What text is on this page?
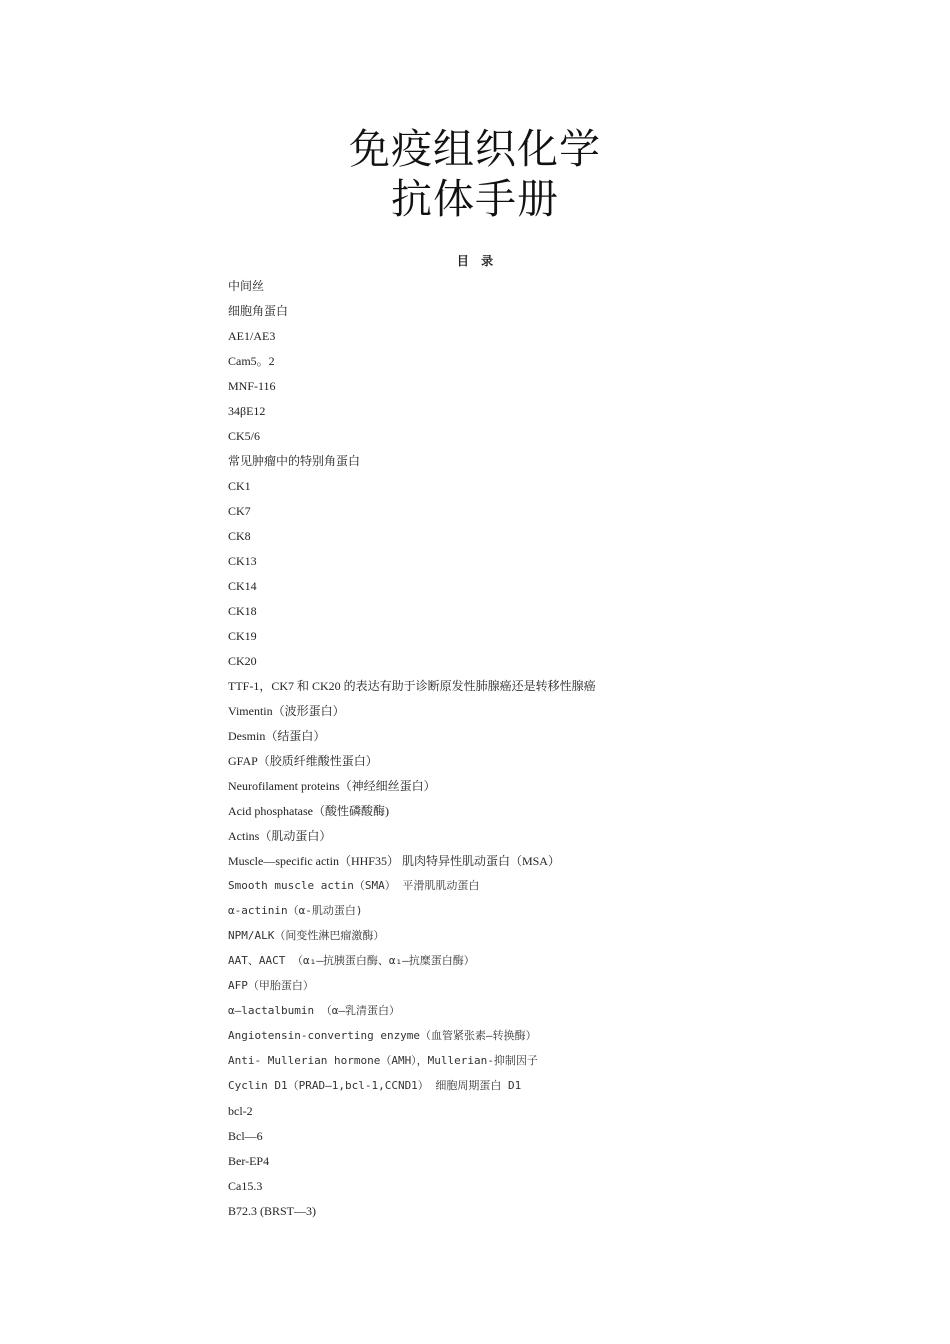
免疫组织化学
抗体手册
目 录
中间丝
细胞角蛋白
AE1/AE3
Cam5。2
MNF-116
34βE12
CK5/6
常见肿瘤中的特别角蛋白
CK1
CK7
CK8
CK13
CK14
CK18
CK19
CK20
TTF-1，CK7 和 CK20 的表达有助于诊断原发性肺腺癌还是转移性腺癌
Vimentin（波形蛋白）
Desmin（结蛋白）
GFAP（胶质纤维酸性蛋白）
Neurofilament proteins（神经细丝蛋白）
Acid phosphatase（酸性磷酸酶)
Actins（肌动蛋白）
Muscle—specific actin（HHF35） 肌肉特异性肌动蛋白（MSA）
Smooth muscle actin（SMA） 平滑肌肌动蛋白
α-actinin（α-肌动蛋白)
NPM/ALK（间变性淋巴瘤激酶）
AAT、AACT （α₁—抗胰蛋白酶、α₁–抗糜蛋白酶）
AFP（甲胎蛋白）
α—lactalbumin （α—乳清蛋白）
Angiotensin-converting enzyme（血管紧张素—转换酶）
Anti- Mullerian hormone（AMH），Mullerian-抑制因子
Cyclin D1（PRAD—1,bcl-1,CCND1） 细胞周期蛋白 D1
bcl-2
Bcl—6
Ber-EP4
Ca15.3
B72.3 (BRST—3)
